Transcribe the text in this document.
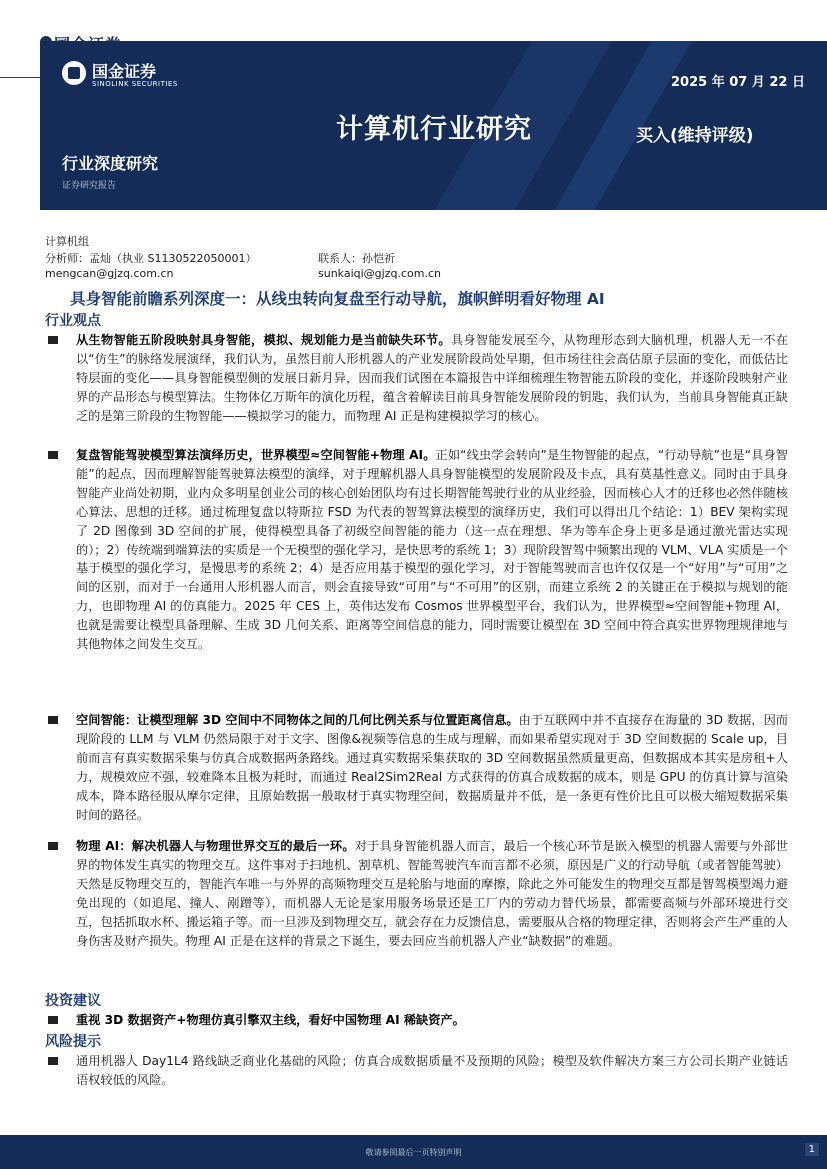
国金证券
SINOLINK SECURITIES	2025 年 07 月 22 日
计算机行业研究	买入(维持评级)
行业深度研究
证券研究报告
计算机组
分析师：孟灿（执业 S1130522050001）	联系人：孙恺祈
mengcan@gjzq.com.cn	sunkaiqi@gjzq.com.cn
具身智能前瞻系列深度一：从线虫转向复盘至行动导航，旗帜鲜明看好物理 AI
行业观点
从生物智能五阶段映射具身智能，模拟、规划能力是当前缺失环节。具身智能发展至今，从物理形态到大脑机理，机器人无一不在以“仿生”的脉络发展演绎，我们认为，虽然目前人形机器人的产业发展阶段尚处早期，但市场往往会高估原子层面的变化，而低估比特层面的变化——具身智能模型侧的发展日新月异，因而我们试图在本篇报告中详细梳理生物智能五阶段的变化，并逐阶段映射产业界的产品形态与模型算法。生物体亿万斯年的演化历程，蕴含着解读目前具身智能发展阶段的钥匙，我们认为，当前具身智能真正缺乏的是第三阶段的生物智能——模拟学习的能力，而物理 AI 正是构建模拟学习的核心。
复盘智能驾驶模型算法演绎历史，世界模型≈空间智能+物理 AI。正如“线虫学会转向”是生物智能的起点，“行动导航”也是“具身智能”的起点，因而理解智能驾驶算法模型的演绎，对于理解机器人具身智能模型的发展阶段及卡点，具有莫基性意义。同时由于具身智能产业尚处初期，业内众多明星创业公司的核心创始团队均有过长期智能驾驶行业的从业经验，因而核心人才的迁移也必然伴随核心算法、思想的迁移。通过梳理复盘以特斯拉 FSD 为代表的智驾算法模型的演绎历史，我们可以得出几个结论：1）BEV 架构实现了 2D 图像到 3D 空间的扩展，使得模型具备了初级空间智能的能力（这一点在理想、华为等车企身上更多是通过激光雷达实现的）；2）传统端到端算法的实质是一个无模型的强化学习，是快思考的系统 1；3）现阶段智驾中频繁出现的 VLM、VLA 实质是一个基于模型的强化学习，是慢思考的系统 2；4）是否应用基于模型的强化学习，对于智能驾驶而言也许仅仅是一个“好用”与“可用”之间的区别，而对于一台通用人形机器人而言，则会直接导致“可用”与“不可用”的区别，而建立系统 2 的关键正在于模拟与规划的能力，也即物理 AI 的仿真能力。2025 年 CES 上，英伟达发布 Cosmos 世界模型平台，我们认为，世界模型≈空间智能+物理 AI，也就是需要让模型具备理解、生成 3D 几何关系、距离等空间信息的能力，同时需要让模型在 3D 空间中符合真实世界物理规律地与其他物体之间发生交互。
空间智能：让模型理解 3D 空间中不同物体之间的几何比例关系与位置距离信息。由于互联网中并不直接存在海量的 3D 数据，因而现阶段的 LLM 与 VLM 仍然局限于对于文字、图像&视频等信息的生成与理解，而如果希望实现对于 3D 空间数据的 Scale up，目前而言有真实数据采集与仿真合成数据两条路线。通过真实数据采集获取的 3D 空间数据虽然质量更高，但数据成本其实是房租+人力，规模效应不强，较难降本且极为耗时，而通过 Real2Sim2Real 方式获得的仿真合成数据的成本，则是 GPU 的仿真计算与渲染成本，降本路径服从摩尔定律，且原始数据一般取材于真实物理空间，数据质量并不低，是一条更有性价比且可以极大缩短数据采集时间的路径。
物理 AI：解决机器人与物理世界交互的最后一环。对于具身智能机器人而言，最后一个核心环节是嵌入模型的机器人需要与外部世界的物体发生真实的物理交互。这件事对于扫地机、割草机、智能驾驶汽车而言都不必须，原因是广义的行动导航（或者智能驾驶）天然是反物理交互的，智能汽车唯一与外界的高频物理交互是轮胎与地面的摩擦，除此之外可能发生的物理交互都是智驾模型竭力避免出现的（如追尾、撞人、剐蹭等），而机器人无论是家用服务场景还是工厂内的劳动力替代场景，都需要高频与外部环境进行交互，包括抓取水杯、搬运箱子等。而一旦涉及到物理交互，就会存在力反馈信息，需要服从合格的物理定律，否则将会产生严重的人身伤害及财产损失。物理 AI 正是在这样的背景之下诞生，要去回应当前机器人产业“缺数据”的难题。
投资建议
重视 3D 数据资产+物理仿真引擎双主线，看好中国物理 AI 稀缺资产。
风险提示
通用机器人 Day1L4 路线缺乏商业化基础的风险；仿真合成数据质量不及预期的风险；模型及软件解决方案三方公司长期产业链话语权较低的风险。
敬请参阅最后一页特别声明	1
